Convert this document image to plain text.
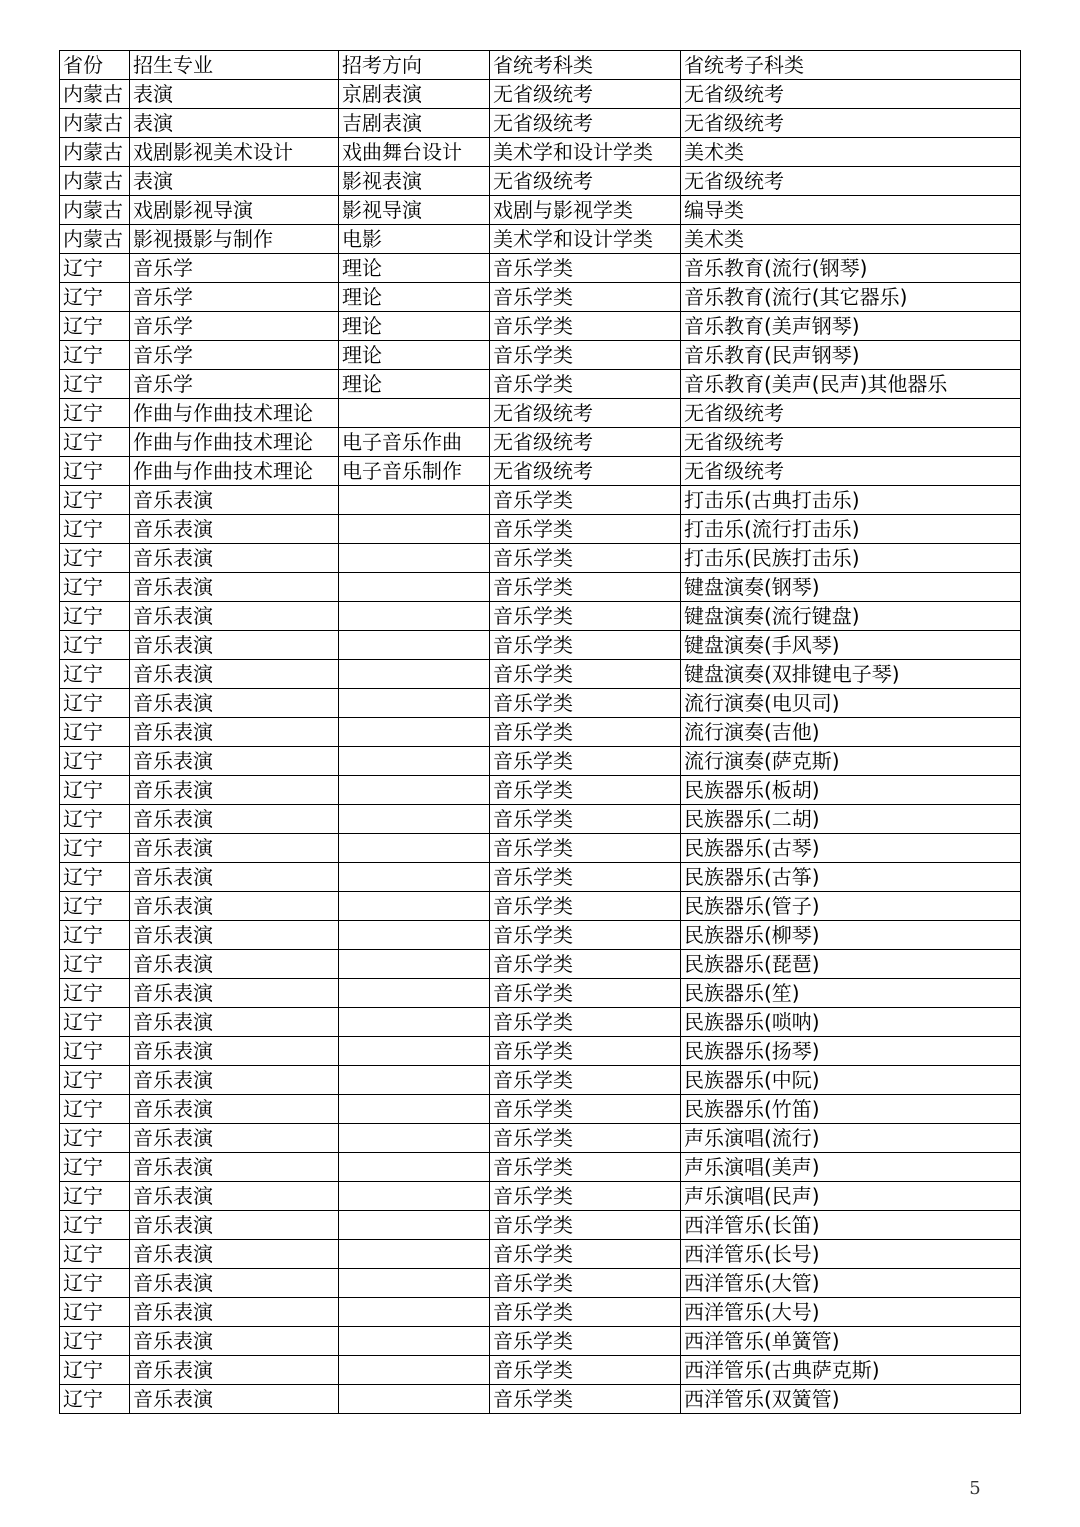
省份	招生专业	招考方向	省统考科类	省统考子科类
内蒙古	表演	京剧表演	无省级统考	无省级统考
内蒙古	表演	吉剧表演	无省级统考	无省级统考
内蒙古	戏剧影视美术设计	戏曲舞台设计	美术学和设计学类	美术类
内蒙古	表演	影视表演	无省级统考	无省级统考
内蒙古	戏剧影视导演	影视导演	戏剧与影视学类	编导类
内蒙古	影视摄影与制作	电影	美术学和设计学类	美术类
辽宁	音乐学	理论	音乐学类	音乐教育(流行(钢琴)
辽宁	音乐学	理论	音乐学类	音乐教育(流行(其它器乐)
辽宁	音乐学	理论	音乐学类	音乐教育(美声钢琴)
辽宁	音乐学	理论	音乐学类	音乐教育(民声钢琴)
辽宁	音乐学	理论	音乐学类	音乐教育(美声(民声)其他器乐
辽宁	作曲与作曲技术理论		无省级统考	无省级统考
辽宁	作曲与作曲技术理论	电子音乐作曲	无省级统考	无省级统考
辽宁	作曲与作曲技术理论	电子音乐制作	无省级统考	无省级统考
辽宁	音乐表演		音乐学类	打击乐(古典打击乐)
辽宁	音乐表演		音乐学类	打击乐(流行打击乐)
辽宁	音乐表演		音乐学类	打击乐(民族打击乐)
辽宁	音乐表演		音乐学类	键盘演奏(钢琴)
辽宁	音乐表演		音乐学类	键盘演奏(流行键盘)
辽宁	音乐表演		音乐学类	键盘演奏(手风琴)
辽宁	音乐表演		音乐学类	键盘演奏(双排键电子琴)
辽宁	音乐表演		音乐学类	流行演奏(电贝司)
辽宁	音乐表演		音乐学类	流行演奏(吉他)
辽宁	音乐表演		音乐学类	流行演奏(萨克斯)
辽宁	音乐表演		音乐学类	民族器乐(板胡)
辽宁	音乐表演		音乐学类	民族器乐(二胡)
辽宁	音乐表演		音乐学类	民族器乐(古琴)
辽宁	音乐表演		音乐学类	民族器乐(古筝)
辽宁	音乐表演		音乐学类	民族器乐(管子)
辽宁	音乐表演		音乐学类	民族器乐(柳琴)
辽宁	音乐表演		音乐学类	民族器乐(琵琶)
辽宁	音乐表演		音乐学类	民族器乐(笙)
辽宁	音乐表演		音乐学类	民族器乐(唢呐)
辽宁	音乐表演		音乐学类	民族器乐(扬琴)
辽宁	音乐表演		音乐学类	民族器乐(中阮)
辽宁	音乐表演		音乐学类	民族器乐(竹笛)
辽宁	音乐表演		音乐学类	声乐演唱(流行)
辽宁	音乐表演		音乐学类	声乐演唱(美声)
辽宁	音乐表演		音乐学类	声乐演唱(民声)
辽宁	音乐表演		音乐学类	西洋管乐(长笛)
辽宁	音乐表演		音乐学类	西洋管乐(长号)
辽宁	音乐表演		音乐学类	西洋管乐(大管)
辽宁	音乐表演		音乐学类	西洋管乐(大号)
辽宁	音乐表演		音乐学类	西洋管乐(单簧管)
辽宁	音乐表演		音乐学类	西洋管乐(古典萨克斯)
辽宁	音乐表演		音乐学类	西洋管乐(双簧管)
5
